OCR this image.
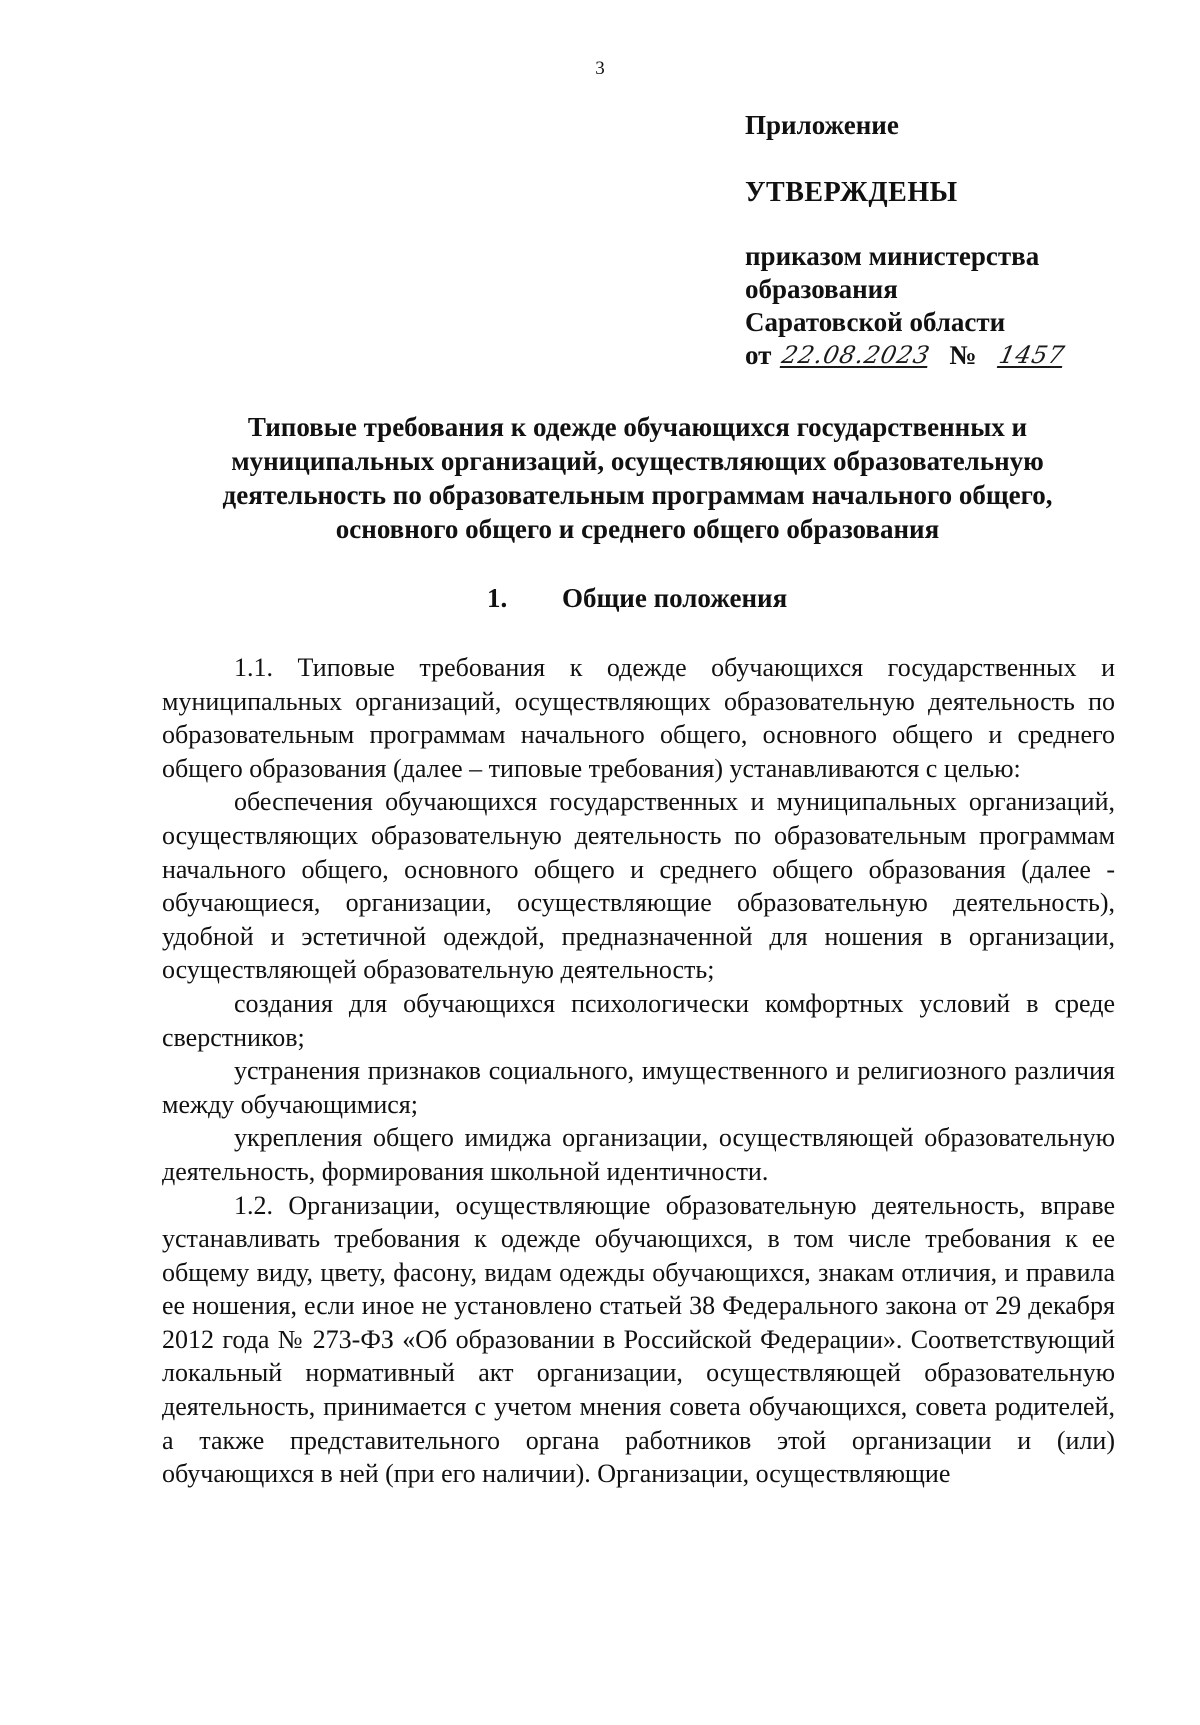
3
Приложение
УТВЕРЖДЕНЫ
приказом министерства
образования
Саратовской области
от 22.08.2023 № 1457
Типовые требования к одежде обучающихся государственных и муниципальных организаций, осуществляющих образовательную деятельность по образовательным программам начального общего, основного общего и среднего общего образования
1. Общие положения

1.1. Типовые требования к одежде обучающихся государственных и муниципальных организаций, осуществляющих образовательную деятельность по образовательным программам начального общего, основного общего и среднего общего образования (далее – типовые требования) устанавливаются с целью:

обеспечения обучающихся государственных и муниципальных организаций, осуществляющих образовательную деятельность по образовательным программам начального общего, основного общего и среднего общего образования (далее - обучающиеся, организации, осуществляющие образовательную деятельность), удобной и эстетичной одеждой, предназначенной для ношения в организации, осуществляющей образовательную деятельность;

создания для обучающихся психологически комфортных условий в среде сверстников;

устранения признаков социального, имущественного и религиозного различия между обучающимися;

укрепления общего имиджа организации, осуществляющей образовательную деятельность, формирования школьной идентичности.

1.2. Организации, осуществляющие образовательную деятельность, вправе устанавливать требования к одежде обучающихся, в том числе требования к ее общему виду, цвету, фасону, видам одежды обучающихся, знакам отличия, и правила ее ношения, если иное не установлено статьей 38 Федерального закона от 29 декабря 2012 года № 273-ФЗ «Об образовании в Российской Федерации». Соответствующий локальный нормативный акт организации, осуществляющей образовательную деятельность, принимается с учетом мнения совета обучающихся, совета родителей, а также представительного органа работников этой организации и (или) обучающихся в ней (при его наличии). Организации, осуществляющие
